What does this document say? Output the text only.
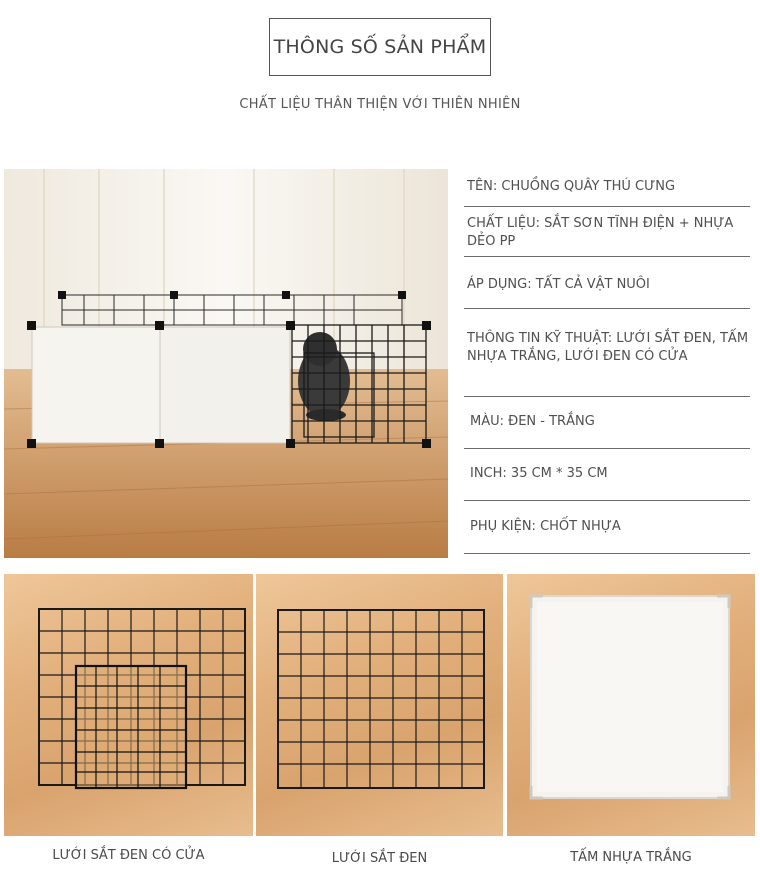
THÔNG SỐ SẢN PHẨM
CHẤT LIỆU THÂN THIỆN VỚI THIÊN NHIÊN
TÊN: CHUỒNG QUÂY THÚ CƯNG
CHẤT LIỆU: SẮT SƠN TĨNH ĐIỆN + NHỰA DẺO PP
ÁP DỤNG: TẤT CẢ VẬT NUÔI
THÔNG TIN KỸ THUẬT: LƯỚI SẮT ĐEN, TẤM NHỰA TRẮNG, LƯỚI ĐEN CÓ CỬA
MÀU: ĐEN - TRẮNG
INCH: 35 CM * 35 CM
PHỤ KIỆN: CHỐT NHỰA
LƯỚI SẮT ĐEN CÓ CỬA	LƯỚI SẮT ĐEN	TẤM NHỰA TRẮNG
